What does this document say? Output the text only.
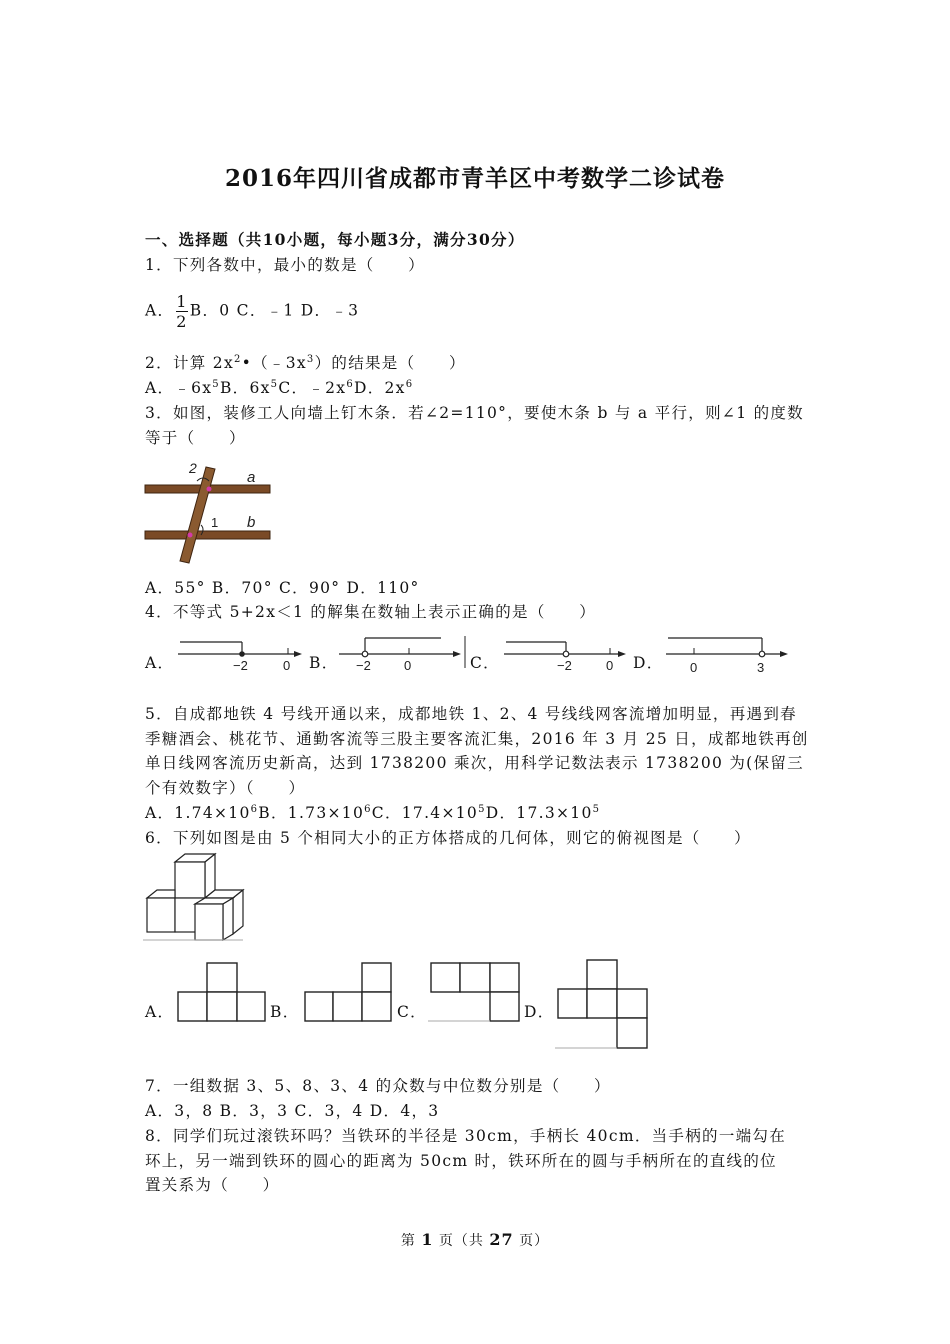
2016年四川省成都市青羊区中考数学二诊试卷
一、选择题（共10小题，每小题3分，满分30分）
1．下列各数中，最小的数是（　　）
A． $\frac{1}{2}$ B．0 C．﹣1 D．﹣3
2．计算 $2x^2•(﹣3x^3)$的结果是（　　）
A．$﹣6x^5B$．$6x^5C$．$﹣2x^6D$．$2x^6$
3．如图，装修工人向墙上钉木条．若∠2=110°，要使木条 b 与 a 平行，则∠1 的度数
等于（　　）
2
a
1 b
A．55° B．70° C．90° D．110°
4．不等式 5+2x＜1 的解集在数轴上表示正确的是（　　）
A．	−2	0 B． −2	0	C．	−2	0 D． 0	3
5．自成都地铁 4 号线开通以来，成都地铁 1、2、4 号线线网客流增加明显，再遇到春
季糖酒会、桃花节、通勤客流等三股主要客流汇集，2016 年 3 月 25 日，成都地铁再创
单日线网客流历史新高，达到 1738200 乘次，用科学记数法表示 1738200 为(保留三
个有效数字）（　　）
A．$1.74\times 10^6B$．$1.73\times 10^6C$．$17.4\times 10^5D$．$17.3\times 10^5$
6．下列如图是由 5 个相同大小的正方体搭成的几何体，则它的俯视图是（　　）
A．	B．	C．	D．
7．一组数据 3、5、8、3、4 的众数与中位数分别是（　　）
A．3，8 B．3，3 C．3，4 D．4，3
8．同学们玩过滚铁环吗？当铁环的半径是 30cm，手柄长 40cm．当手柄的一端勾在
环上，另一端到铁环的圆心的距离为 50cm 时，铁环所在的圆与手柄所在的直线的位
置关系为（　　）
第 1 页（共 27 页）
